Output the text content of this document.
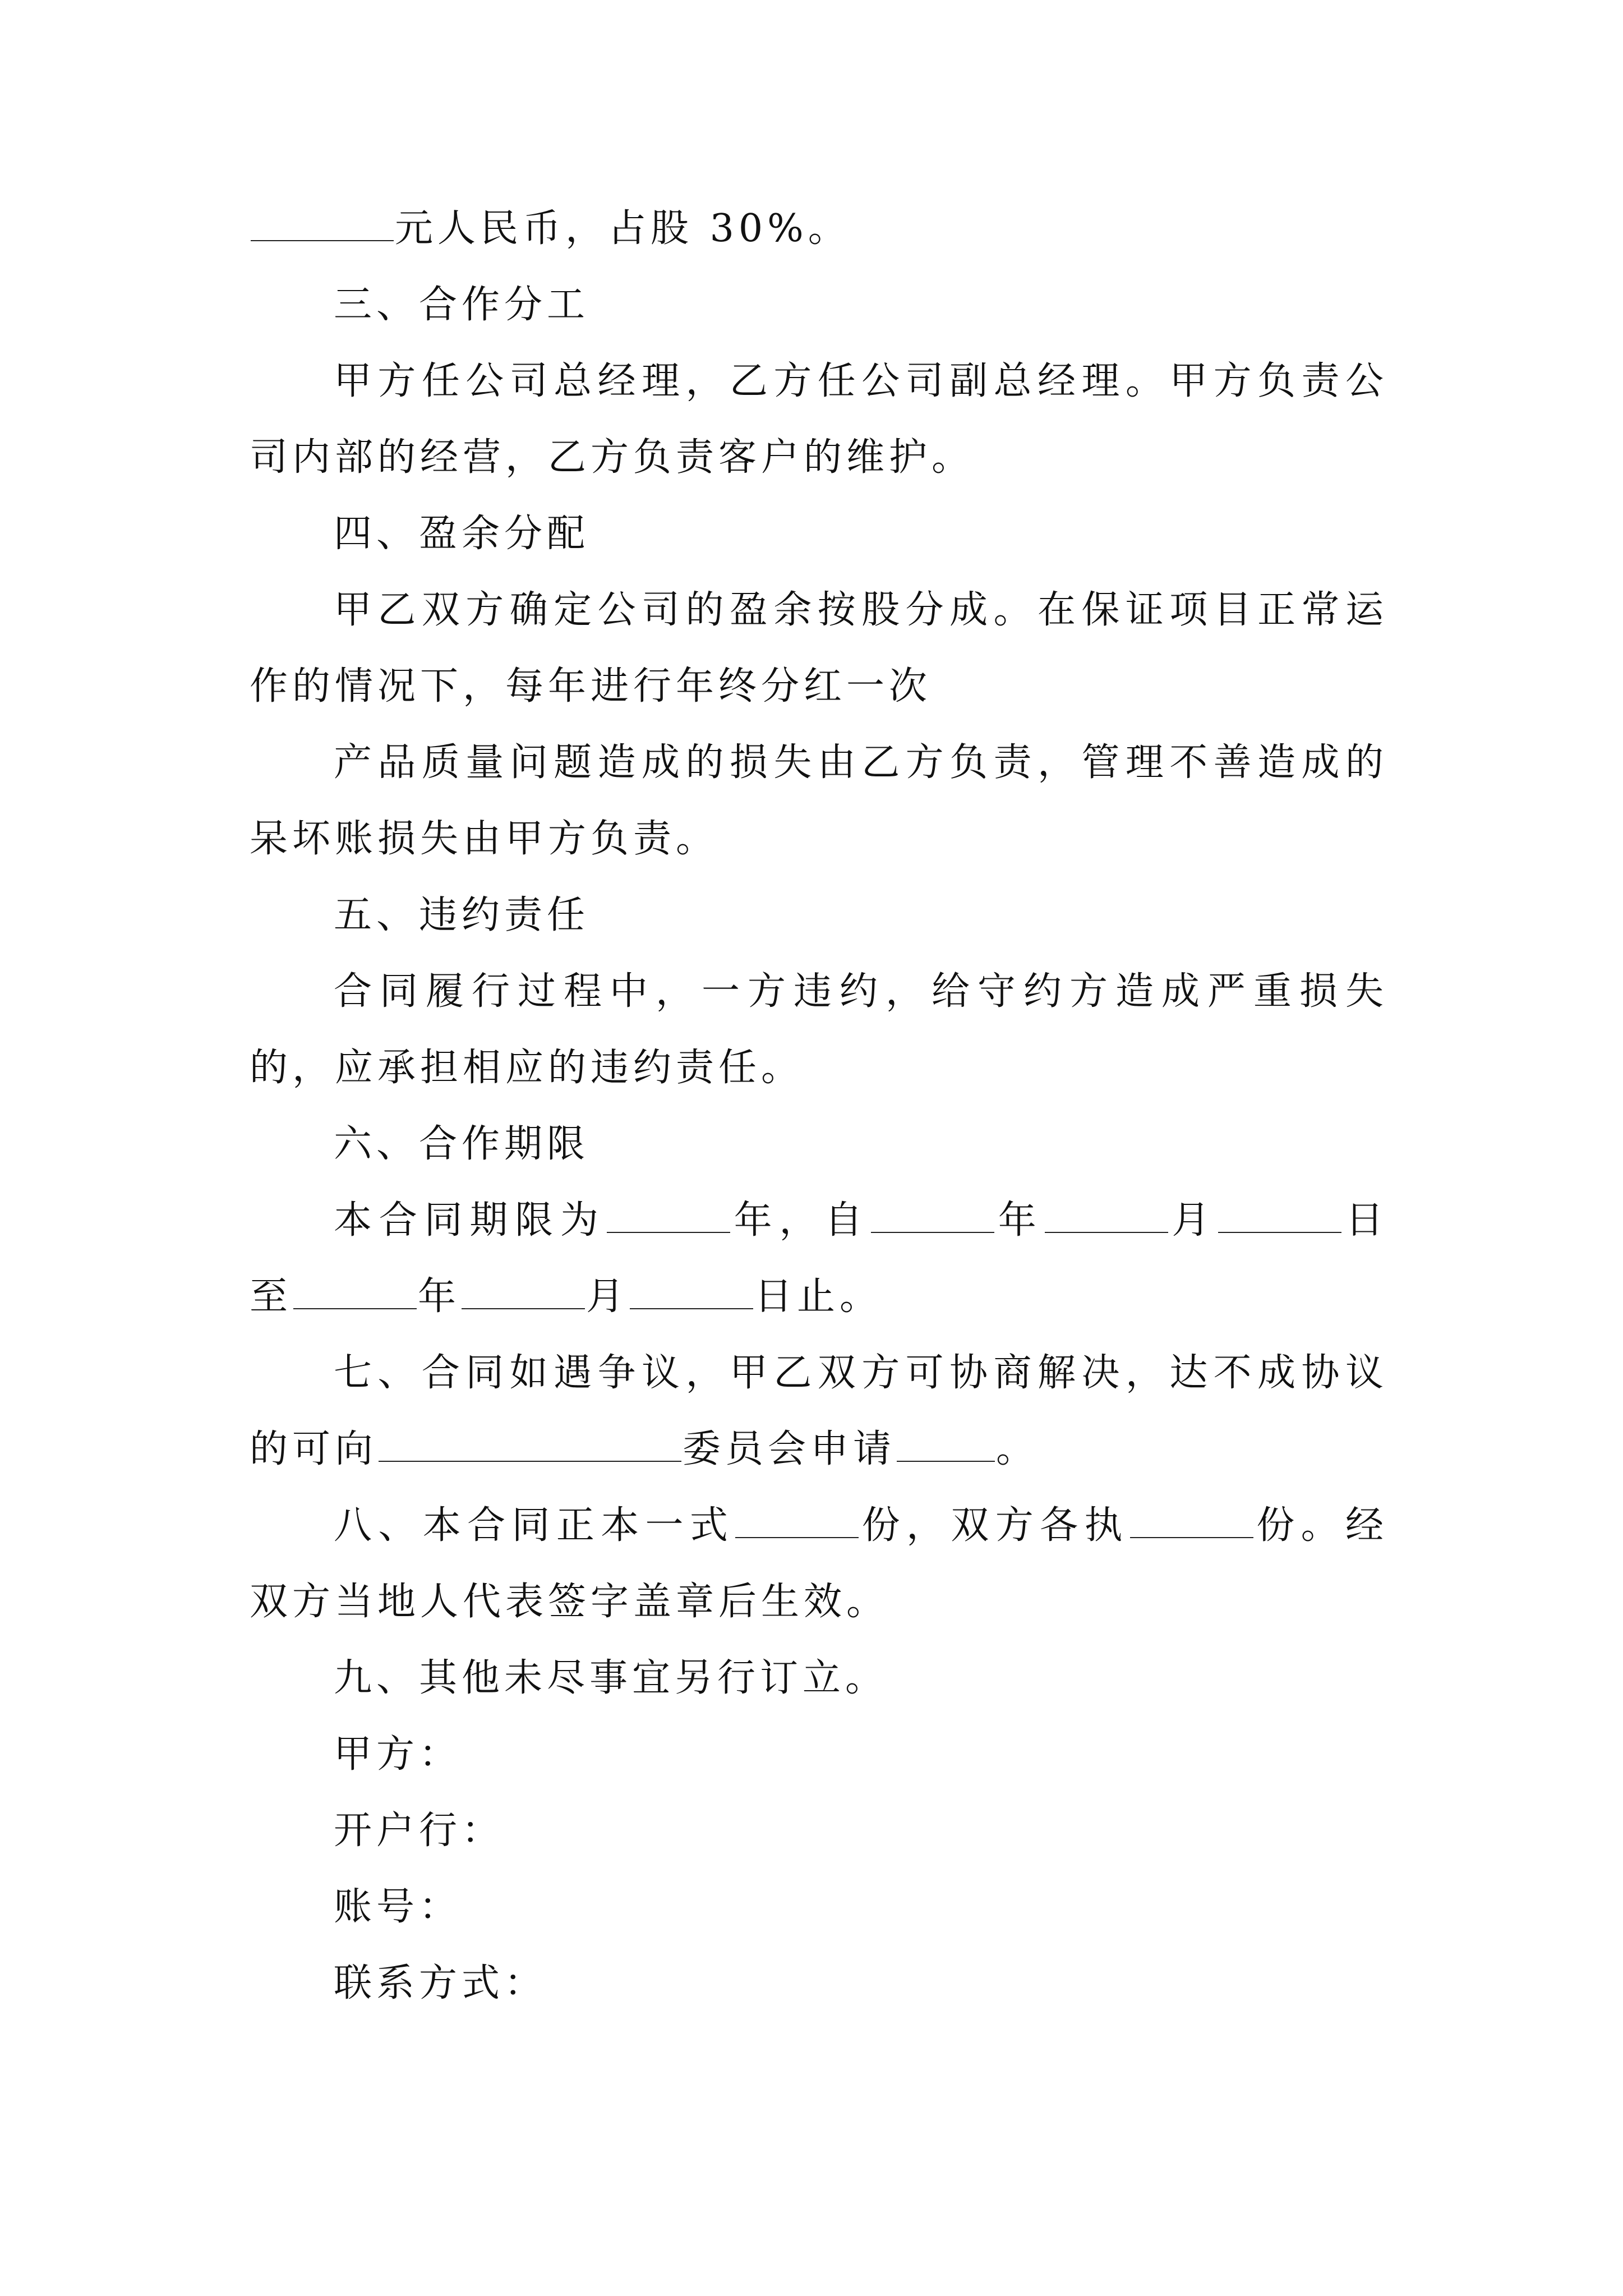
元人民币，占股 30%。

三、合作分工

甲方任公司总经理，乙方任公司副总经理。甲方负责公司内部的经营，乙方负责客户的维护。

四、盈余分配

甲乙双方确定公司的盈余按股分成。在保证项目正常运作的情况下，每年进行年终分红一次

产品质量问题造成的损失由乙方负责，管理不善造成的呆坏账损失由甲方负责。

五、违约责任

合同履行过程中，一方违约，给守约方造成严重损失的，应承担相应的违约责任。

六、合作期限

本合同期限为	年，自	年	月	日至	年	月	日止。

七、合同如遇争议，甲乙双方可协商解决，达不成协议的可向	委员会申请	。

八、本合同正本一式	份，双方各执	份。经双方当地人代表签字盖章后生效。

九、其他未尽事宜另行订立。

甲方：

开户行：

账号：

联系方式：
